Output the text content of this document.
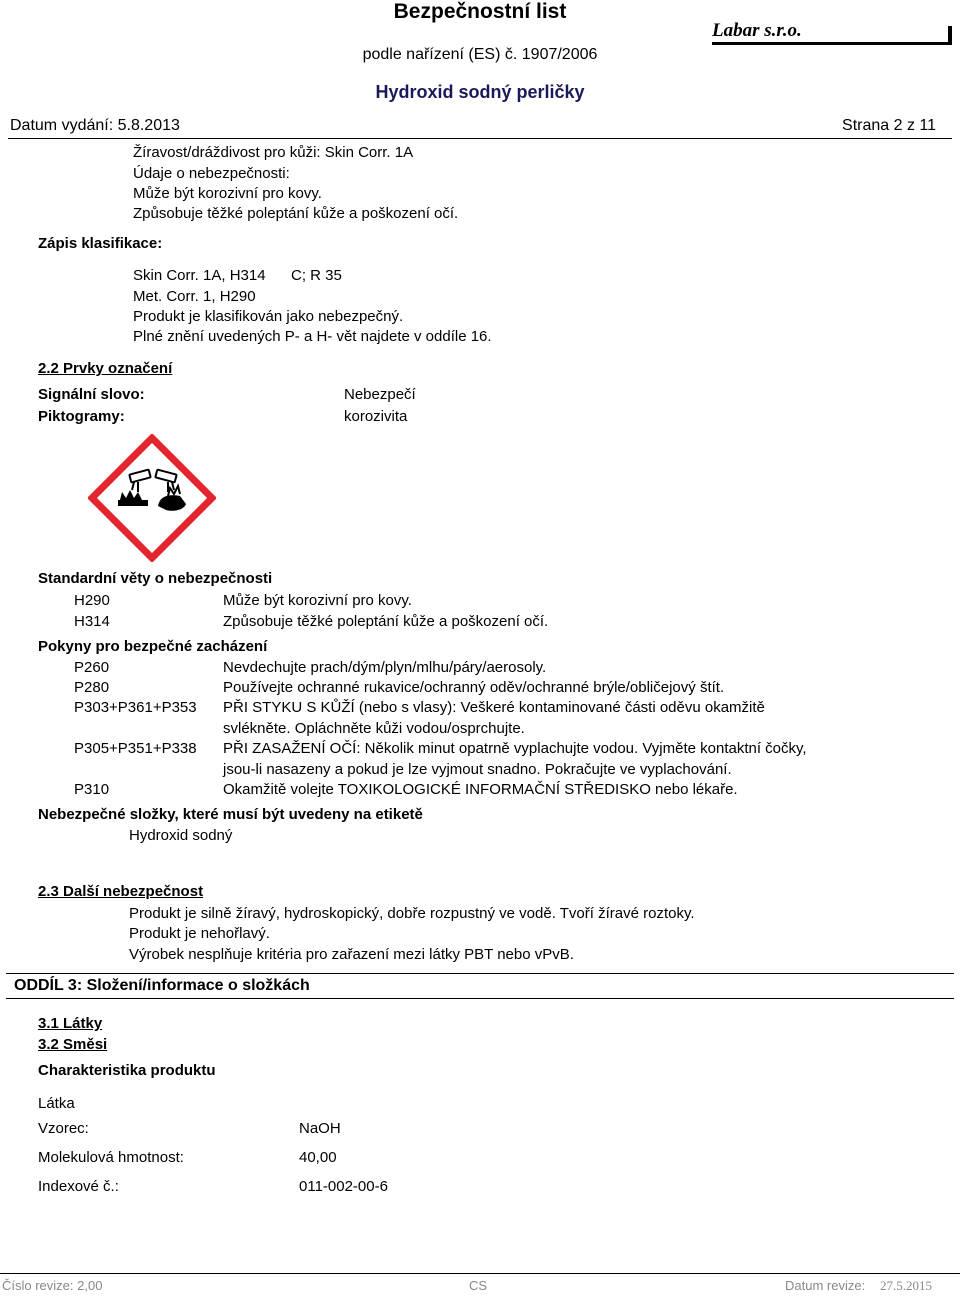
Bezpečnostní list
Labar s.r.o.
podle nařízení (ES) č. 1907/2006
Hydroxid sodný perličky
Datum vydání: 5.8.2013	Strana 2 z 11
Žíravost/dráždivost pro kůži: Skin Corr. 1A
Údaje o nebezpečnosti:
Může být korozivní pro kovy.
Způsobuje těžké poleptání kůže a poškození očí.
Zápis klasifikace:
Skin Corr. 1A, H314 C; R 35
Met. Corr. 1, H290
Produkt je klasifikován jako nebezpečný.
Plné znění uvedených P- a H- vět najdete v oddíle 16.
2.2 Prvky označení
Signální slovo:	Nebezpečí
Piktogramy:	korozivita
Standardní věty o nebezpečnosti
H290	Může být korozivní pro kovy.
H314	Způsobuje těžké poleptání kůže a poškození očí.
Pokyny pro bezpečné zacházení
P260	Nevdechujte prach/dým/plyn/mlhu/páry/aerosoly.
P280	Používejte ochranné rukavice/ochranný oděv/ochranné brýle/obličejový štít.
P303+P361+P353 PŘI STYKU S KŮŽÍ (nebo s vlasy): Veškeré kontaminované části oděvu okamžitě
svlékněte. Opláchněte kůži vodou/osprchujte.
P305+P351+P338 PŘI ZASAŽENÍ OČÍ: Několik minut opatrně vyplachujte vodou. Vyjměte kontaktní čočky,
jsou-li nasazeny a pokud je lze vyjmout snadno. Pokračujte ve vyplachování.
P310	Okamžitě volejte TOXIKOLOGICKÉ INFORMAČNÍ STŘEDISKO nebo lékaře.
Nebezpečné složky, které musí být uvedeny na etiketě
Hydroxid sodný
2.3 Další nebezpečnost
Produkt je silně žíravý, hydroskopický, dobře rozpustný ve vodě. Tvoří žíravé roztoky.
Produkt je nehořlavý.
Výrobek nesplňuje kritéria pro zařazení mezi látky PBT nebo vPvB.
ODDÍL 3: Složení/informace o složkách
3.1 Látky
3.2 Směsi
Charakteristika produktu
Látka
Vzorec:	NaOH
Molekulová hmotnost:	40,00
Indexové č.:	011-002-00-6
Číslo revize: 2,00	CS	Datum revize: 27.5.2015
